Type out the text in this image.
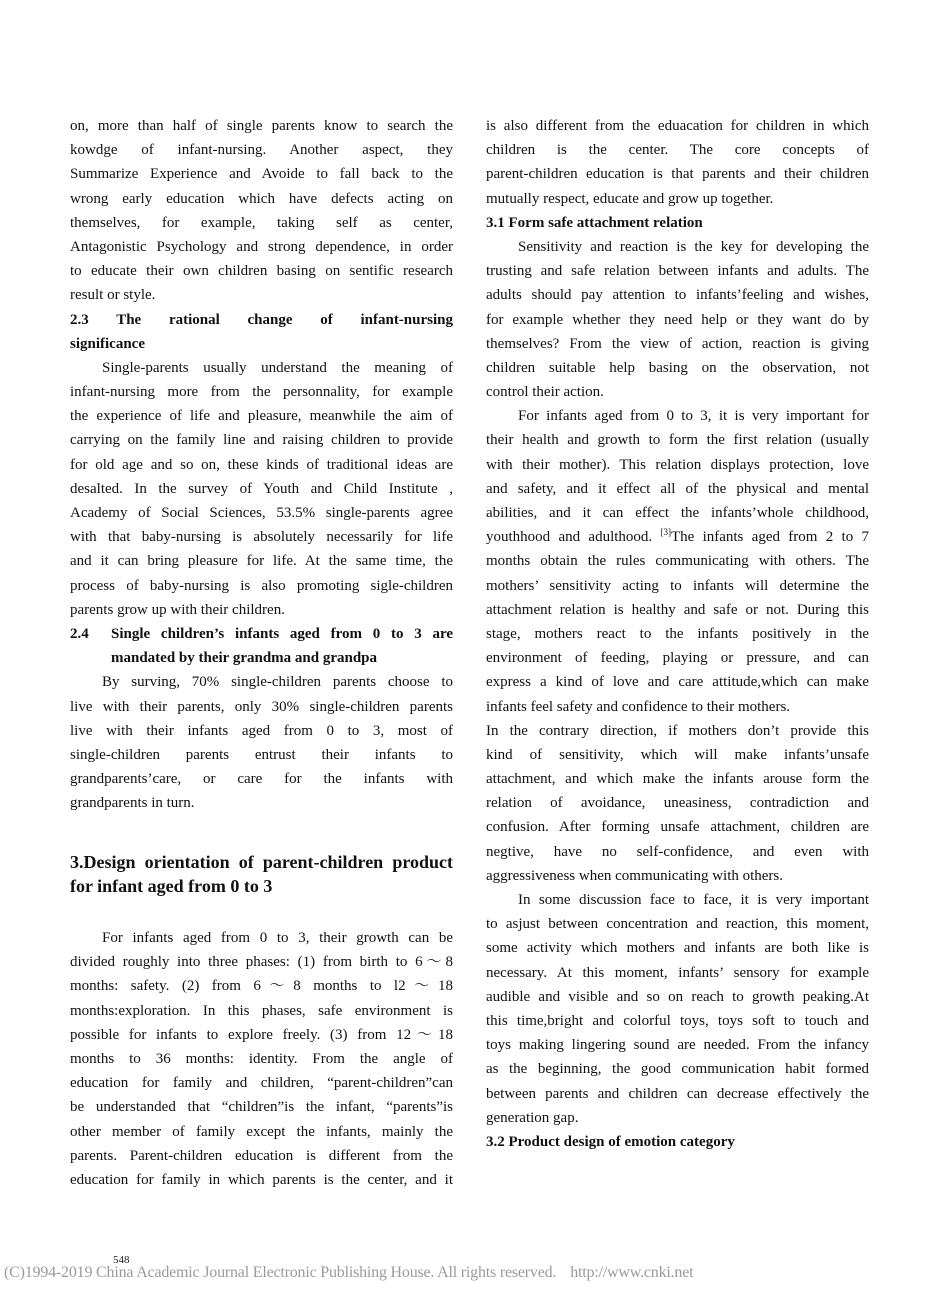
on, more than half of single parents know to search the
kowdge of infant-nursing. Another aspect, they
Summarize Experience and Avoide to fall back to the
wrong early education which have defects acting on
themselves, for example, taking self as center,
Antagonistic Psychology and strong dependence, in order
to educate their own children basing on sentific research
result or style.
2.3 The rational change of infant-nursing
significance
Single-parents usually understand the meaning of
infant-nursing more from the personnality, for example
the experience of life and pleasure, meanwhile the aim of
carrying on the family line and raising children to provide
for old age and so on, these kinds of traditional ideas are
desalted. In the survey of Youth and Child Institute ,
Academy of Social Sciences, 53.5% single-parents agree
with that baby-nursing is absolutely necessarily for life
and it can bring pleasure for life. At the same time, the
process of baby-nursing is also promoting sigle-children
parents grow up with their children.
2.4	Single children’s infants aged from 0 to 3 are
mandated by their grandma and grandpa
By surving, 70% single-children parents choose to
live with their parents, only 30% single-children parents
live with their infants aged from 0 to 3, most of
single-children parents entrust their infants to
grandparents’care, or care for the infants with
grandparents in turn.
3.Design orientation of parent-children product
for infant aged from 0 to 3
For infants aged from 0 to 3, their growth can be
divided roughly into three phases: (1) from birth to 6～8
months: safety. (2) from 6～8 months to l2～18
months:exploration. In this phases, safe environment is
possible for infants to explore freely. (3) from 12～18
months to 36 months: identity. From the angle of
education for family and children, “parent-children”can
be understanded that “children”is the infant, “parents”is
other member of family except the infants, mainly the
parents. Parent-children education is different from the
education for family in which parents is the center, and it
is also different from the eduacation for children in which
children is the center. The core concepts of
parent-children education is that parents and their children
mutually respect, educate and grow up together.
3.1 Form safe attachment relation
Sensitivity and reaction is the key for developing the
trusting and safe relation between infants and adults. The
adults should pay attention to infants’feeling and wishes,
for example whether they need help or they want do by
themselves? From the view of action, reaction is giving
children suitable help basing on the observation, not
control their action.
For infants aged from 0 to 3, it is very important for
their health and growth to form the first relation (usually
with their mother). This relation displays protection, love
and safety, and it effect all of the physical and mental
abilities, and it can effect the infants’whole childhood,
youthhood and adulthood. [3]The infants aged from 2 to 7
months obtain the rules communicating with others. The
mothers’ sensitivity acting to infants will determine the
attachment relation is healthy and safe or not. During this
stage, mothers react to the infants positively in the
environment of feeding, playing or pressure, and can
express a kind of love and care attitude,which can make
infants feel safety and confidence to their mothers.
In the contrary direction, if mothers don’t provide this
kind of sensitivity, which will make infants’unsafe
attachment, and which make the infants arouse form the
relation of avoidance, uneasiness, contradiction and
confusion. After forming unsafe attachment, children are
negtive, have no self-confidence, and even with
aggressiveness when communicating with others.
In some discussion face to face, it is very important
to asjust between concentration and reaction, this moment,
some activity which mothers and infants are both like is
necessary. At this moment, infants’ sensory for example
audible and visible and so on reach to growth peaking.At
this time,bright and colorful toys, toys soft to touch and
toys making lingering sound are needed. From the infancy
as the beginning, the good communication habit formed
between parents and children can decrease effectively the
generation gap.
3.2 Product design of emotion category
548
(C)1994-2019 China Academic Journal Electronic Publishing House. All rights reserved. http://www.cnki.net
